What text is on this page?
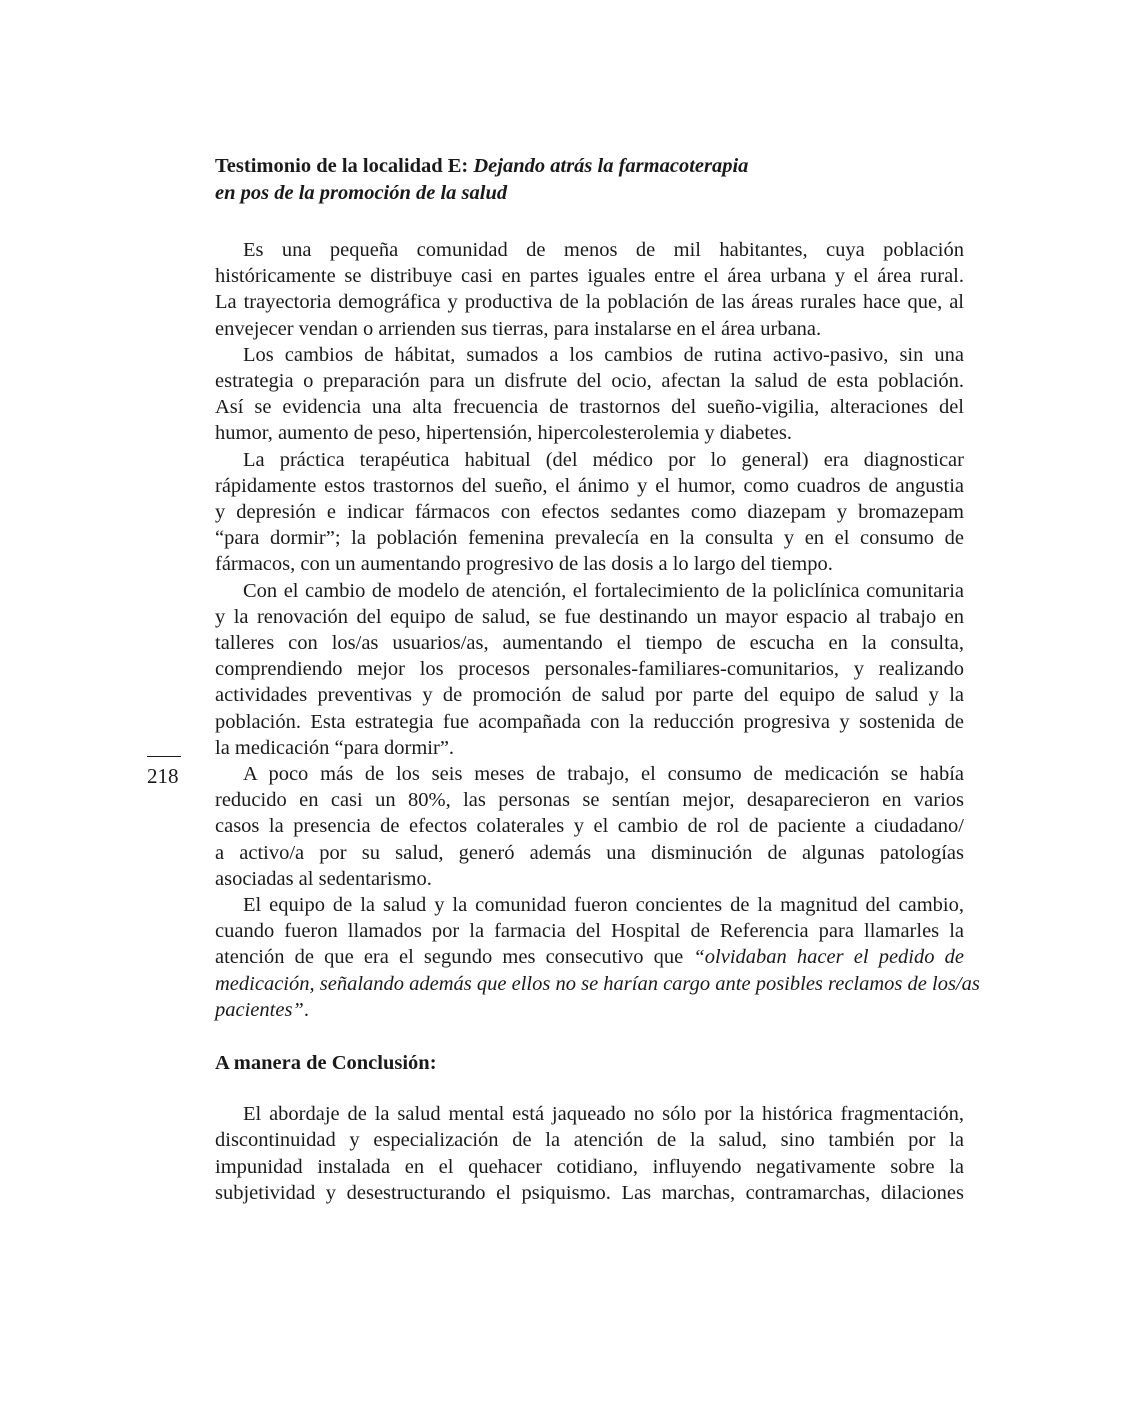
218
Testimonio de la localidad E: Dejando atrás la farmacoterapia
en pos de la promoción de la salud
Es una pequeña comunidad de menos de mil habitantes, cuya población
históricamente se distribuye casi en partes iguales entre el área urbana y el área rural.
La trayectoria demográfica y productiva de la población de las áreas rurales hace que, al
envejecer vendan o arrienden sus tierras, para instalarse en el área urbana.
Los cambios de hábitat, sumados a los cambios de rutina activo-pasivo, sin una
estrategia o preparación para un disfrute del ocio, afectan la salud de esta población.
Así se evidencia una alta frecuencia de trastornos del sueño-vigilia, alteraciones del
humor, aumento de peso, hipertensión, hipercolesterolemia y diabetes.
La práctica terapéutica habitual (del médico por lo general) era diagnosticar
rápidamente estos trastornos del sueño, el ánimo y el humor, como cuadros de angustia
y depresión e indicar fármacos con efectos sedantes como diazepam y bromazepam
“para dormir”; la población femenina prevalecía en la consulta y en el consumo de
fármacos, con un aumentando progresivo de las dosis a lo largo del tiempo.
Con el cambio de modelo de atención, el fortalecimiento de la policlínica comunitaria
y la renovación del equipo de salud, se fue destinando un mayor espacio al trabajo en
talleres con los/as usuarios/as, aumentando el tiempo de escucha en la consulta,
comprendiendo mejor los procesos personales-familiares-comunitarios, y realizando
actividades preventivas y de promoción de salud por parte del equipo de salud y la
población. Esta estrategia fue acompañada con la reducción progresiva y sostenida de
la medicación “para dormir”.
A poco más de los seis meses de trabajo, el consumo de medicación se había
reducido en casi un 80%, las personas se sentían mejor, desaparecieron en varios
casos la presencia de efectos colaterales y el cambio de rol de paciente a ciudadano/
a activo/a por su salud, generó además una disminución de algunas patologías
asociadas al sedentarismo.
El equipo de la salud y la comunidad fueron concientes de la magnitud del cambio,
cuando fueron llamados por la farmacia del Hospital de Referencia para llamarles la
atención de que era el segundo mes consecutivo que “olvidaban hacer el pedido de
medicación, señalando además que ellos no se harían cargo ante posibles reclamos de los/as
pacientes”.
A manera de Conclusión:
El abordaje de la salud mental está jaqueado no sólo por la histórica fragmentación,
discontinuidad y especialización de la atención de la salud, sino también por la
impunidad instalada en el quehacer cotidiano, influyendo negativamente sobre la
subjetividad y desestructurando el psiquismo. Las marchas, contramarchas, dilaciones
